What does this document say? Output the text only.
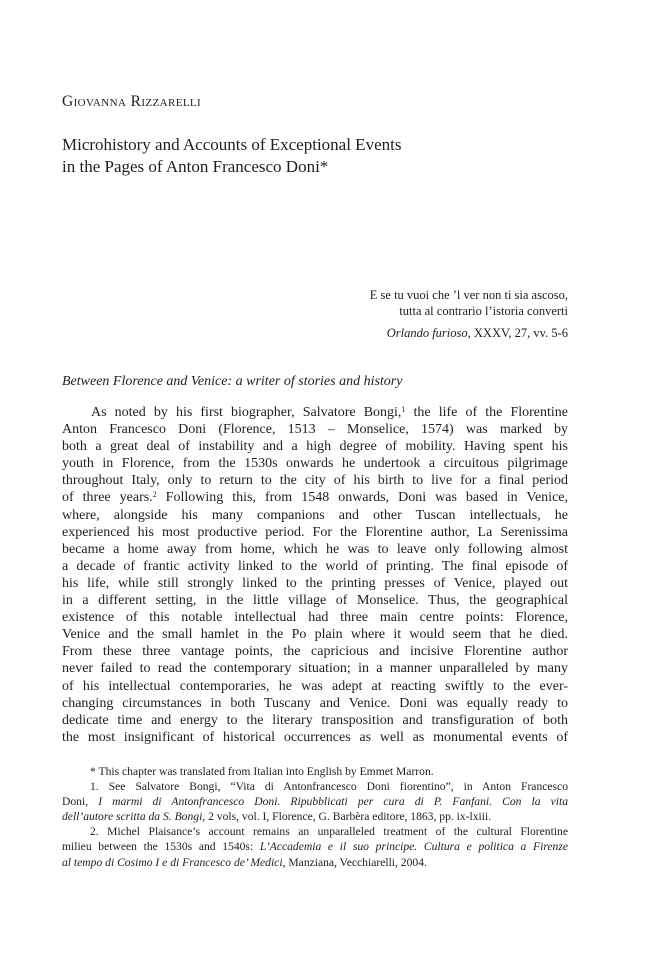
Giovanna Rizzarelli
Microhistory and Accounts of Exceptional Events
in the Pages of Anton Francesco Doni*
E se tu vuoi che ’l ver non ti sia ascoso,
tutta al contrario l’istoria converti
Orlando furioso, XXXV, 27, vv. 5-6
Between Florence and Venice: a writer of stories and history
As noted by his first biographer, Salvatore Bongi,$^1$ the life of the Florentine
Anton Francesco Doni (Florence, 1513 – Monselice, 1574) was marked by
both a great deal of instability and a high degree of mobility. Having spent his
youth in Florence, from the 1530s onwards he undertook a circuitous pilgrimage
throughout Italy, only to return to the city of his birth to live for a final period
of three years.$^2$ Following this, from 1548 onwards, Doni was based in Venice,
where, alongside his many companions and other Tuscan intellectuals, he
experienced his most productive period. For the Florentine author, La Serenissima
became a home away from home, which he was to leave only following almost
a decade of frantic activity linked to the world of printing. The final episode of
his life, while still strongly linked to the printing presses of Venice, played out
in a different setting, in the little village of Monselice. Thus, the geographical
existence of this notable intellectual had three main centre points: Florence,
Venice and the small hamlet in the Po plain where it would seem that he died.
From these three vantage points, the capricious and incisive Florentine author
never failed to read the contemporary situation; in a manner unparalleled by many
of his intellectual contemporaries, he was adept at reacting swiftly to the ever-
changing circumstances in both Tuscany and Venice. Doni was equally ready to
dedicate time and energy to the literary transposition and transfiguration of both
the most insignificant of historical occurrences as well as monumental events of
* This chapter was translated from Italian into English by Emmet Marron.
1. See Salvatore Bongi, “Vita di Antonfrancesco Doni fiorentino”, in Anton Francesco
Doni, I marmi di Antonfrancesco Doni. Ripubblicati per cura di P. Fanfani. Con la vita
dell’autore scritta da S. Bongi, 2 vols, vol. I, Florence, G. Barbèra editore, 1863, pp. ix-lxiii.
2. Michel Plaisance’s account remains an unparalleled treatment of the cultural Florentine
milieu between the 1530s and 1540s: L’Accademia e il suo principe. Cultura e politica a Firenze
al tempo di Cosimo I e di Francesco de’ Medici, Manziana, Vecchiarelli, 2004.
